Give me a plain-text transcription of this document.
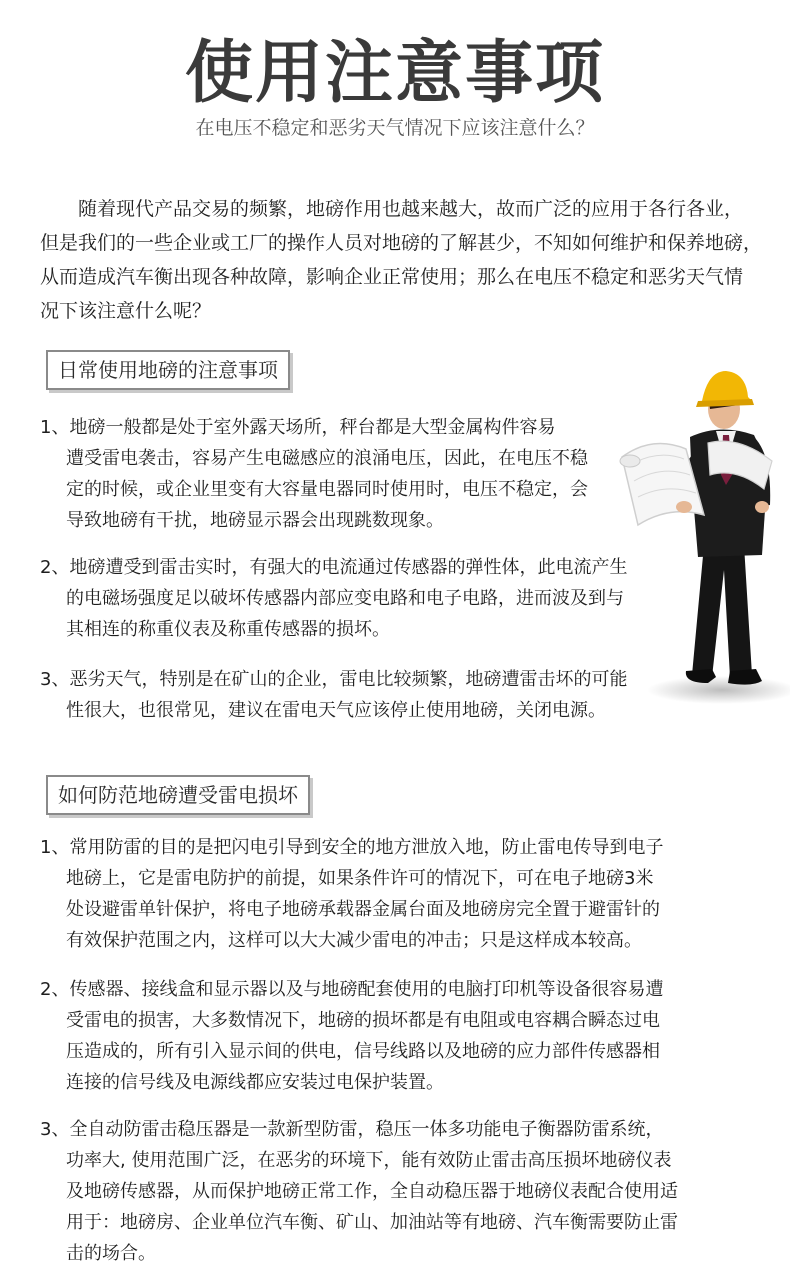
使用注意事项
在电压不稳定和恶劣天气情况下应该注意什么？

　　随着现代产品交易的频繁，地磅作用也越来越大，故而广泛的应用于各行各业，
但是我们的一些企业或工厂的操作人员对地磅的了解甚少，不知如何维护和保养地磅，
从而造成汽车衡出现各种故障，影响企业正常使用；那么在电压不稳定和恶劣天气情
况下该注意什么呢？

日常使用地磅的注意事项
1、地磅一般都是处于室外露天场所，秤台都是大型金属构件容易
遭受雷电袭击，容易产生电磁感应的浪涌电压，因此，在电压不稳
定的时候，或企业里变有大容量电器同时使用时，电压不稳定，会
导致地磅有干扰，地磅显示器会出现跳数现象。
2、地磅遭受到雷击实时，有强大的电流通过传感器的弹性体，此电流产生
的电磁场强度足以破坏传感器内部应变电路和电子电路，进而波及到与
其相连的称重仪表及称重传感器的损坏。
3、恶劣天气，特别是在矿山的企业，雷电比较频繁，地磅遭雷击坏的可能
性很大，也很常见，建议在雷电天气应该停止使用地磅，关闭电源。
如何防范地磅遭受雷电损坏
1、常用防雷的目的是把闪电引导到安全的地方泄放入地，防止雷电传导到电子
地磅上，它是雷电防护的前提，如果条件许可的情况下，可在电子地磅3米
处设避雷单针保护，将电子地磅承载器金属台面及地磅房完全置于避雷针的
有效保护范围之内，这样可以大大减少雷电的冲击；只是这样成本较高。
2、传感器、接线盒和显示器以及与地磅配套使用的电脑打印机等设备很容易遭
受雷电的损害，大多数情况下，地磅的损坏都是有电阻或电容耦合瞬态过电
压造成的，所有引入显示间的供电，信号线路以及地磅的应力部件传感器相
连接的信号线及电源线都应安装过电保护装置。
3、全自动防雷击稳压器是一款新型防雷，稳压一体多功能电子衡器防雷系统，
功率大, 使用范围广泛，在恶劣的环境下，能有效防止雷击高压损坏地磅仪表
及地磅传感器，从而保护地磅正常工作，全自动稳压器于地磅仪表配合使用适
用于：地磅房、企业单位汽车衡、矿山、加油站等有地磅、汽车衡需要防止雷
击的场合。
